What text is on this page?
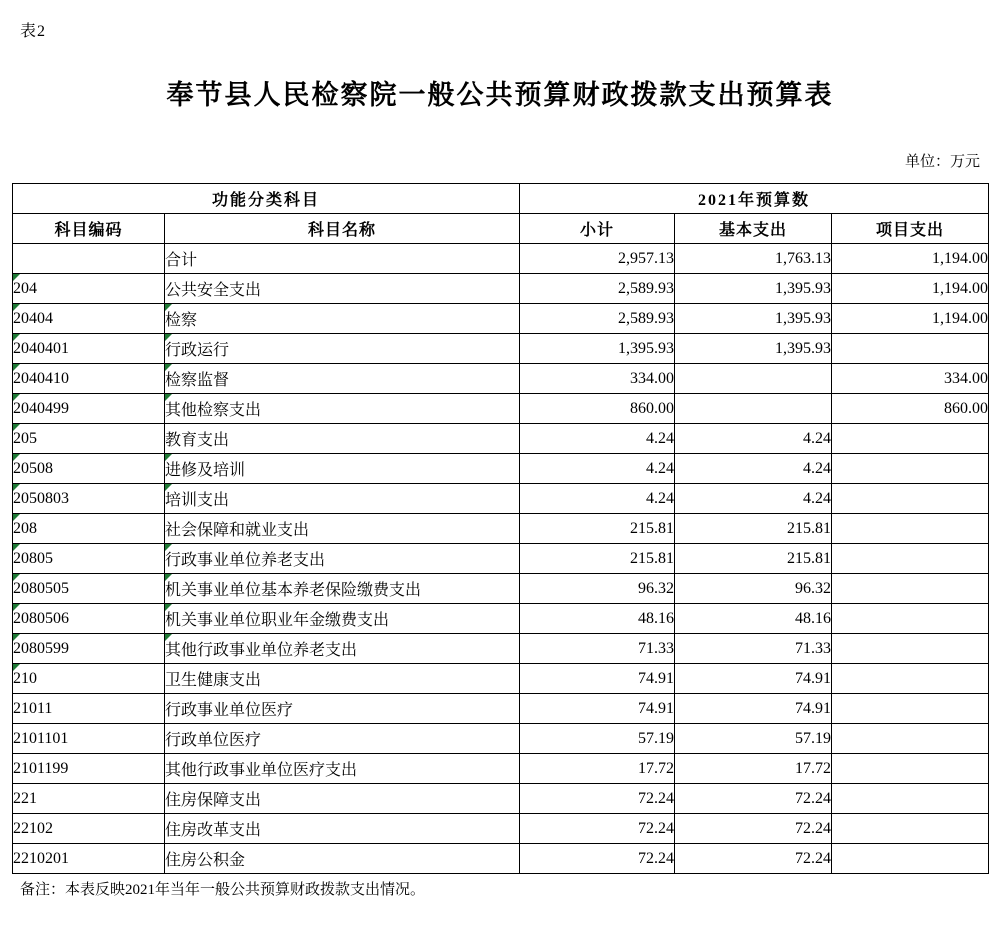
表2
奉节县人民检察院一般公共预算财政拨款支出预算表
单位：万元
功能分类科目		2021年预算数		
科目编码	科目名称	小计	基本支出	项目支出
	合计	2,957.13	1,763.13	1,194.00
204	公共安全支出	2,589.93	1,395.93	1,194.00
20404	检察	2,589.93	1,395.93	1,194.00
2040401	行政运行	1,395.93	1,395.93	
2040410	检察监督	334.00		334.00
2040499	其他检察支出	860.00		860.00
205	教育支出	4.24	4.24	
20508	进修及培训	4.24	4.24	
2050803	培训支出	4.24	4.24	
208	社会保障和就业支出	215.81	215.81	
20805	行政事业单位养老支出	215.81	215.81	
2080505	机关事业单位基本养老保险缴费支出	96.32	96.32	
2080506	机关事业单位职业年金缴费支出	48.16	48.16	
2080599	其他行政事业单位养老支出	71.33	71.33	
210	卫生健康支出	74.91	74.91	
21011	行政事业单位医疗	74.91	74.91	
2101101	行政单位医疗	57.19	57.19	
2101199	其他行政事业单位医疗支出	17.72	17.72	
221	住房保障支出	72.24	72.24	
22102	住房改革支出	72.24	72.24	
2210201	住房公积金	72.24	72.24	
备注：本表反映2021年当年一般公共预算财政拨款支出情况。
